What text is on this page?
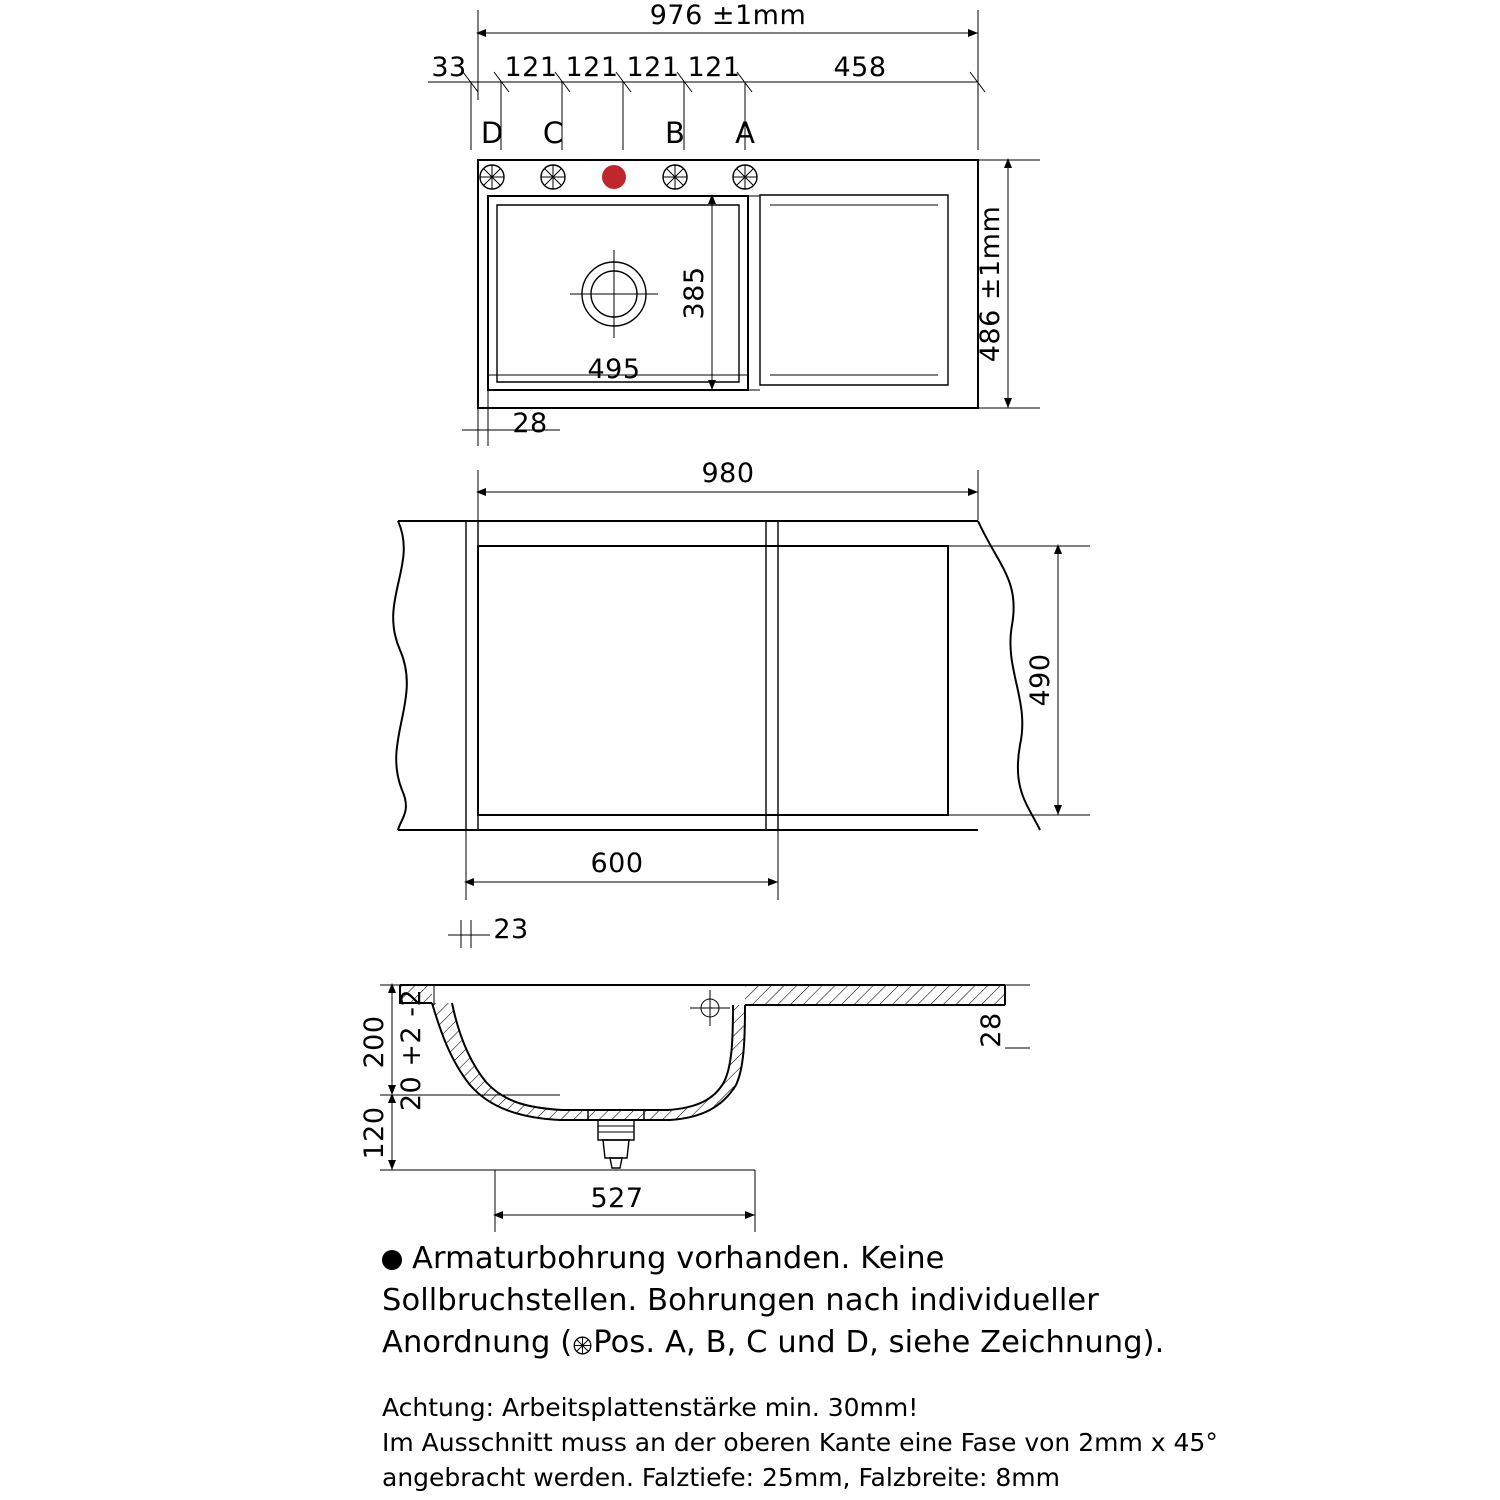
976 ±1mm
33 121 121 121 121	458
D C	B A
385
495
486 ±1mm
28
980
490
600
23
200 20 +2 -2
120
28
527
Armaturbohrung vorhanden. Keine
Sollbruchstellen. Bohrungen nach individueller
Anordnung ( Pos. A, B, C und D, siehe Zeichnung).
Achtung: Arbeitsplattenstärke min. 30mm!
Im Ausschnitt muss an der oberen Kante eine Fase von 2mm x 45°
angebracht werden. Falztiefe: 25mm, Falzbreite: 8mm
